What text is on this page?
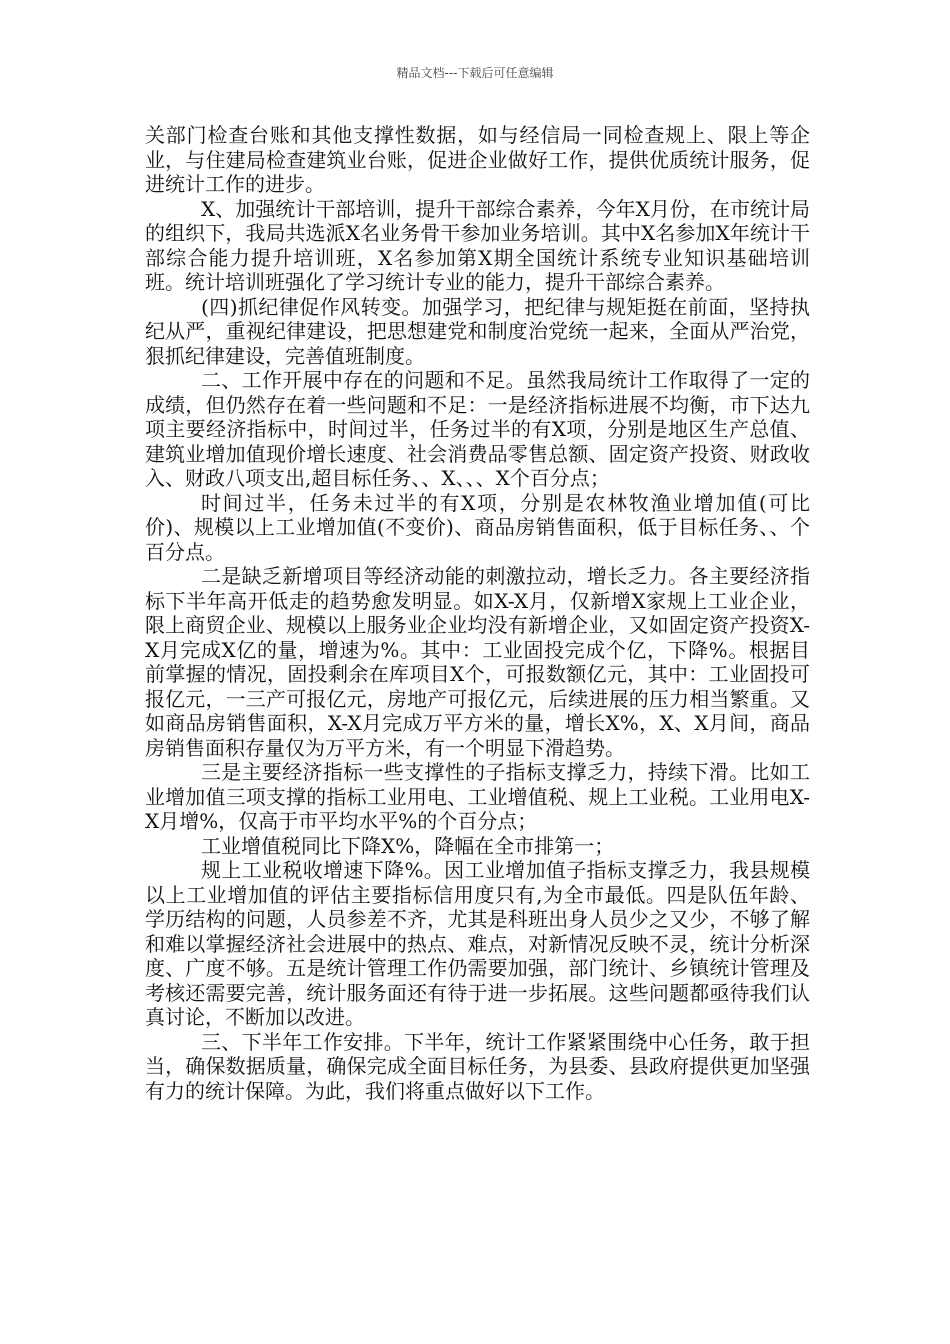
精品文档---下载后可任意编辑

关部门检查台账和其他支撑性数据，如与经信局一同检查规上、限上等企业，与住建局检查建筑业台账，促进企业做好工作，提供优质统计服务，促进统计工作的进步。

X、加强统计干部培训，提升干部综合素养，今年X月份，在市统计局的组织下，我局共选派X名业务骨干参加业务培训。其中X名参加X年统计干部综合能力提升培训班，X名参加第X期全国统计系统专业知识基础培训班。统计培训班强化了学习统计专业的能力，提升干部综合素养。

(四)抓纪律促作风转变。加强学习，把纪律与规矩挺在前面，坚持执纪从严，重视纪律建设，把思想建党和制度治党统一起来，全面从严治党，狠抓纪律建设，完善值班制度。

二、工作开展中存在的问题和不足。虽然我局统计工作取得了一定的成绩，但仍然存在着一些问题和不足：一是经济指标进展不均衡，市下达九项主要经济指标中，时间过半，任务过半的有X项，分别是地区生产总值、建筑业增加值现价增长速度、社会消费品零售总额、固定资产投资、财政收入、财政八项支出,超目标任务、、X、、、X个百分点；

时间过半，任务未过半的有X项，分别是农林牧渔业增加值(可比价)、规模以上工业增加值(不变价)、商品房销售面积，低于目标任务、、个百分点。

二是缺乏新增项目等经济动能的刺激拉动，增长乏力。各主要经济指标下半年高开低走的趋势愈发明显。如X-X月，仅新增X家规上工业企业，限上商贸企业、规模以上服务业企业均没有新增企业，又如固定资产投资X-X月完成X亿的量，增速为%。其中：工业固投完成个亿，下降%。根据目前掌握的情况，固投剩余在库项目X个，可报数额亿元，其中：工业固投可报亿元，一三产可报亿元，房地产可报亿元，后续进展的压力相当繁重。又如商品房销售面积，X-X月完成万平方米的量，增长X%，X、X月间，商品房销售面积存量仅为万平方米，有一个明显下滑趋势。

三是主要经济指标一些支撑性的子指标支撑乏力，持续下滑。比如工业增加值三项支撑的指标工业用电、工业增值税、规上工业税。工业用电X-X月增%，仅高于市平均水平%的个百分点；

工业增值税同比下降X%，降幅在全市排第一；

规上工业税收增速下降%。因工业增加值子指标支撑乏力，我县规模以上工业增加值的评估主要指标信用度只有,为全市最低。四是队伍年龄、学历结构的问题，人员参差不齐，尤其是科班出身人员少之又少，不够了解和难以掌握经济社会进展中的热点、难点，对新情况反映不灵，统计分析深度、广度不够。五是统计管理工作仍需要加强，部门统计、乡镇统计管理及考核还需要完善，统计服务面还有待于进一步拓展。这些问题都亟待我们认真讨论，不断加以改进。

三、下半年工作安排。下半年，统计工作紧紧围绕中心任务，敢于担当，确保数据质量，确保完成全面目标任务，为县委、县政府提供更加坚强有力的统计保障。为此，我们将重点做好以下工作。
